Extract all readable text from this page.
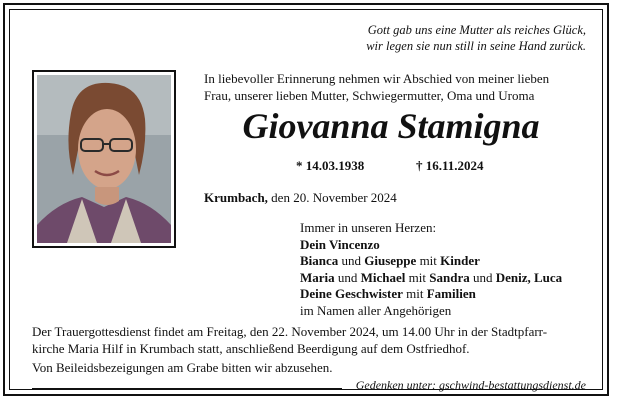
Gott gab uns eine Mutter als reiches Glück,
wir legen sie nun still in seine Hand zurück.
In liebevoller Erinnerung nehmen wir Abschied von meiner lieben
Frau, unserer lieben Mutter, Schwiegermutter, Oma und Uroma
Giovanna Stamigna
* 14.03.1938	† 16.11.2024
Krumbach, den 20. November 2024
Immer in unseren Herzen:
Dein Vincenzo
Bianca und Giuseppe mit Kinder
Maria und Michael mit Sandra und Deniz, Luca
Deine Geschwister mit Familien
im Namen aller Angehörigen
Der Trauergottesdienst findet am Freitag, den 22. November 2024, um 14.00 Uhr in der Stadtpfarr-
kirche Maria Hilf in Krumbach statt, anschließend Beerdigung auf dem Ostfriedhof.
Von Beileidsbezeigungen am Grabe bitten wir abzusehen.
Gedenken unter: gschwind-bestattungsdienst.de
